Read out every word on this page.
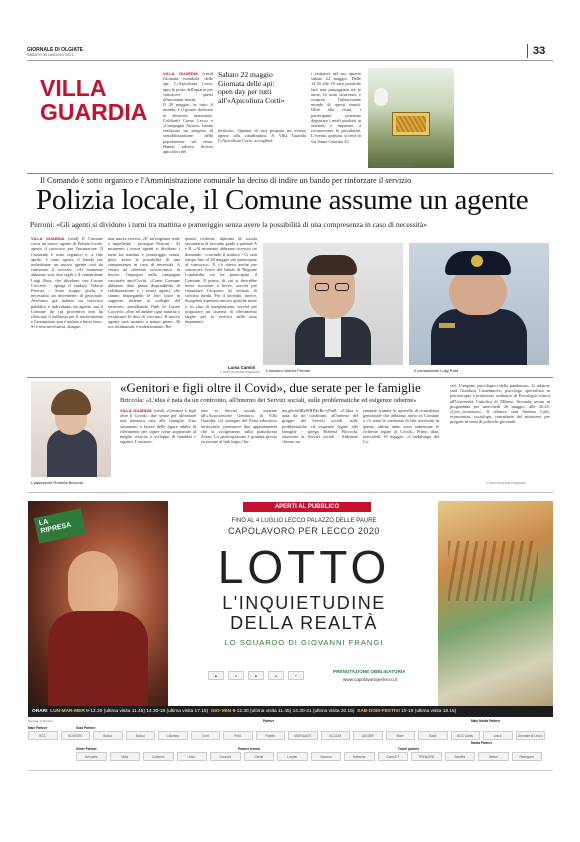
GIORNALE DI OLGIATE
SABATO 15 MAGGIO 2021	33
VILLA
GUARDIA
VILLA GUARDIA (cmd) Giornata mondiale delle api: l'«Apicoltura Corti» apre le porte dell'apiario per conoscere questi affascinanti insetti.
Il 20 maggio, in tutto il mondo, è il giorno dedicato ai laboriosi imenotteri. Coldiretti Como Lecco e «Campagna Amica» hanno realizzato un progetto di sensibilizzazione della popolazione sul tema. Hanno aderito diversi apicoltori del
Sabato 22 maggio
Giornata delle api:
open day per tutti
all'«Apicoltura Corti»
territorio. Ognuno di essi propone un evento aperto alla cittadinanza. A Villa Guardia l'«Apicoltura Corti» accoglierà
i visitatori nel suo apiario sabato 22 maggio. Dalle 14.30 alle 19 sarà possibile fare una passeggiata tra le arnie, in tutta sicurezza, e scoprire l'affascinante mondo di questi insetti. Oltre alla visita, i partecipanti potranno degustare i mieli prodotti in azienda e imparare a riconoscerne le peculiarità. L'evento, gratuito, si terrà in via Santa Caterina 25.
© RIPRODUZIONE RISERVATA
Il Comando è sotto organico e l'Amministrazione comunale ha deciso di indire un bando per rinforzare il servizio
Polizia locale, il Comune assume un agente
Perroni: «Gli agenti si dividono i turni tra mattina e pomeriggio senza avere la possibilità di una compresenza in caso di necessità»
VILLA GUARDIA (cmd) Il Comune cerca un nuovo agente di Polizia locale: aperto il concorso per l'assunzione. Il Comando è sotto organico e, a fine aprile, è stato aperto il bando per individuare un nuovo agente così da rinforzare il servizio. «Al momento abbiamo solo due vigili e il comandante Luigi Rota, che dividono con Lucate Caccivio - spiega il sindaco Valerio Perroni - Sono troppo pochi, è necessario un incremento di personale. Avevamo già indetto un concorso pubblico e individuato un agente, ma il Comune da cui proveniva non ha rilasciato il nullaosta per il trasferimento e l'assunzione non è andata a buon fine». Si è resa necessaria, dunque,
una nuova ricerca. «E' un'esigenza reale e impellente - prosegue Perroni - Al momento i nostri agenti si dividono i turni tra mattina e pomeriggio senza, però, avere la possibilità di una compresenza in caso di necessità. A creare un ulteriore sovraccarico di lavoro, l'impegno nella campagna vaccinale anti-Covid. «Come Comune abbiamo dato piena disponibilità di collaborazione e i nostri agenti, che stanno impiegando le loro forze in supporto insieme ai colleghi del territorio, presidiando l'hub di Lurate Caccivio, oltre ad andare ogni mattina a recuperare le dosi di vaccino». Il nuovo agente sarà assunto a tempo pieno, 36 ore settimanali, e indeterminato. Re-
quisiti richiesti: diploma di scuola secondaria di secondo grado e patente A e B. «Al momento abbiamo ricevuto tre domande - conclude il sindaco - Ci sarà tempo fino al 28 maggio per partecipare al concorso». E c'è attesa anche per conoscere l'esito del bando di Regione Lombardia cui ha partecipato il Comune. Il primo, di cui si dovrebbe avere riscontro a breve, servirà per finanziare l'acquisto di un'auto di servizio ibrida. Per il secondo, invece, bisognerà aspettare ancora qualche mese e, in caso di assegnazione, servirà per acquistare un sistema di rilevamento targhe per la verifica delle auto inquinanti.
Luisa Camini
© RIPRODUZIONE RISERVATA Il sindaco Valerio Perroni	Il comandante Luigi Rota
L'assessore Roberta Briccola
«Genitori e figli oltre il Covid», due serate per le famiglie
Briccola: «L'idea è nata da un confronto, all'interno dei Servizi sociali, sulle problematiche ed esigenze odierne»
VILLA GUARDIA (cmd) «Genitori e figli oltre il Covid»: due serate per affrontare una tematica cara alle famiglie. Uno strumento a favore delle figure adulte di riferimento per capire come supportare al meglio crescita e sviluppo di bambini e ragazzi. L'assesso-
rato ai Servizi sociali, insieme all'«Associazione Genitori» di Villa Guardia, col sostegno del Patto educativo territoriale, promuove due appuntamenti che si svolgeranno sulla piattaforma Zoom. La partecipazione è gratuita previa iscrizione al link https://for-
ms.gle/ur6BaWRFdvBo-yFin8. «L'idea è nata da un confronto, all'interno del gruppo dei Servizi sociali, sulle problematiche ed esigenze legate alle famiglie - spiega Roberta Briccola, assessore ai Servizi sociali - Abbiamo chiesto un
rimando tramite lo sportello di consulenza genitoriale che abbiamo attivo in Comune e c'è stata la conferma di tale necessità in questo ultimo anno sono aumentate le richieste legate al Covid». Primo data, mercoledì 19 maggio: «L'ondalunga del Co-
vid. L'impatto psicologico della pandemia». Il relatore sarà Gianluca Castelnuovo, psicologo specialista in psicoterapia e professore ordinario di Psicologia clinica all'Università Cattolica di Milano. Seconda serata in programma per mercoledì 26 maggio, alle 20.45: «Con_vocazioni». Il relatore sarà Stefano Laffi, economista, sociologo, consulente del ministero per progetti in tema di politiche giovanili.
© RIPRODUZIONE RISERVATA
LA RIPRESA
APERTI AL PUBBLICO
FINO AL 4 LUGLIO LECCO PALAZZO DELLE PAURE
CAPOLAVORO PER LECCO 2020
LOTTO
L'INQUIETUDINE
DELLA REALTÀ
LO SGUARDO DI GIOVANNI FRANGI
◆	●	■	▲	✦
PRENOTAZIONE OBBLIGATORIA
www.capolavoroperlecco.it
ORARI LUN-MAR-MER 9-12.30 (ultima visita 11.45) 14.30-18 (ultima visita 17.15) GIO-VEN 9-12.30 (ultima visita 11.45) 14.30-21 (ultima visita 20.15) SAB-DOM-FESTIVI 10-19 (ultima visita 18.15)
Sponsor in Partner
Main Partner	Gold Partner
Partner	Main Media Partner
Silver Partner	Partner tecnici	Travel partner
Media Partner
BCC	NOVATEK	Bosco	Banca	Colombo	Conf	PMA	Flaires	MORGANTI	ACCOM	AGGMR	Mare	Baldi	BCC Cantù	unica	Giornale di Lecco
Aviovarie	Mica	Colombo	fraio	Gnocchi	Cerati	Loryan	Vianova	Halmetor	ComoCT	TRENORD	Serafini	Vettori	Resegone
